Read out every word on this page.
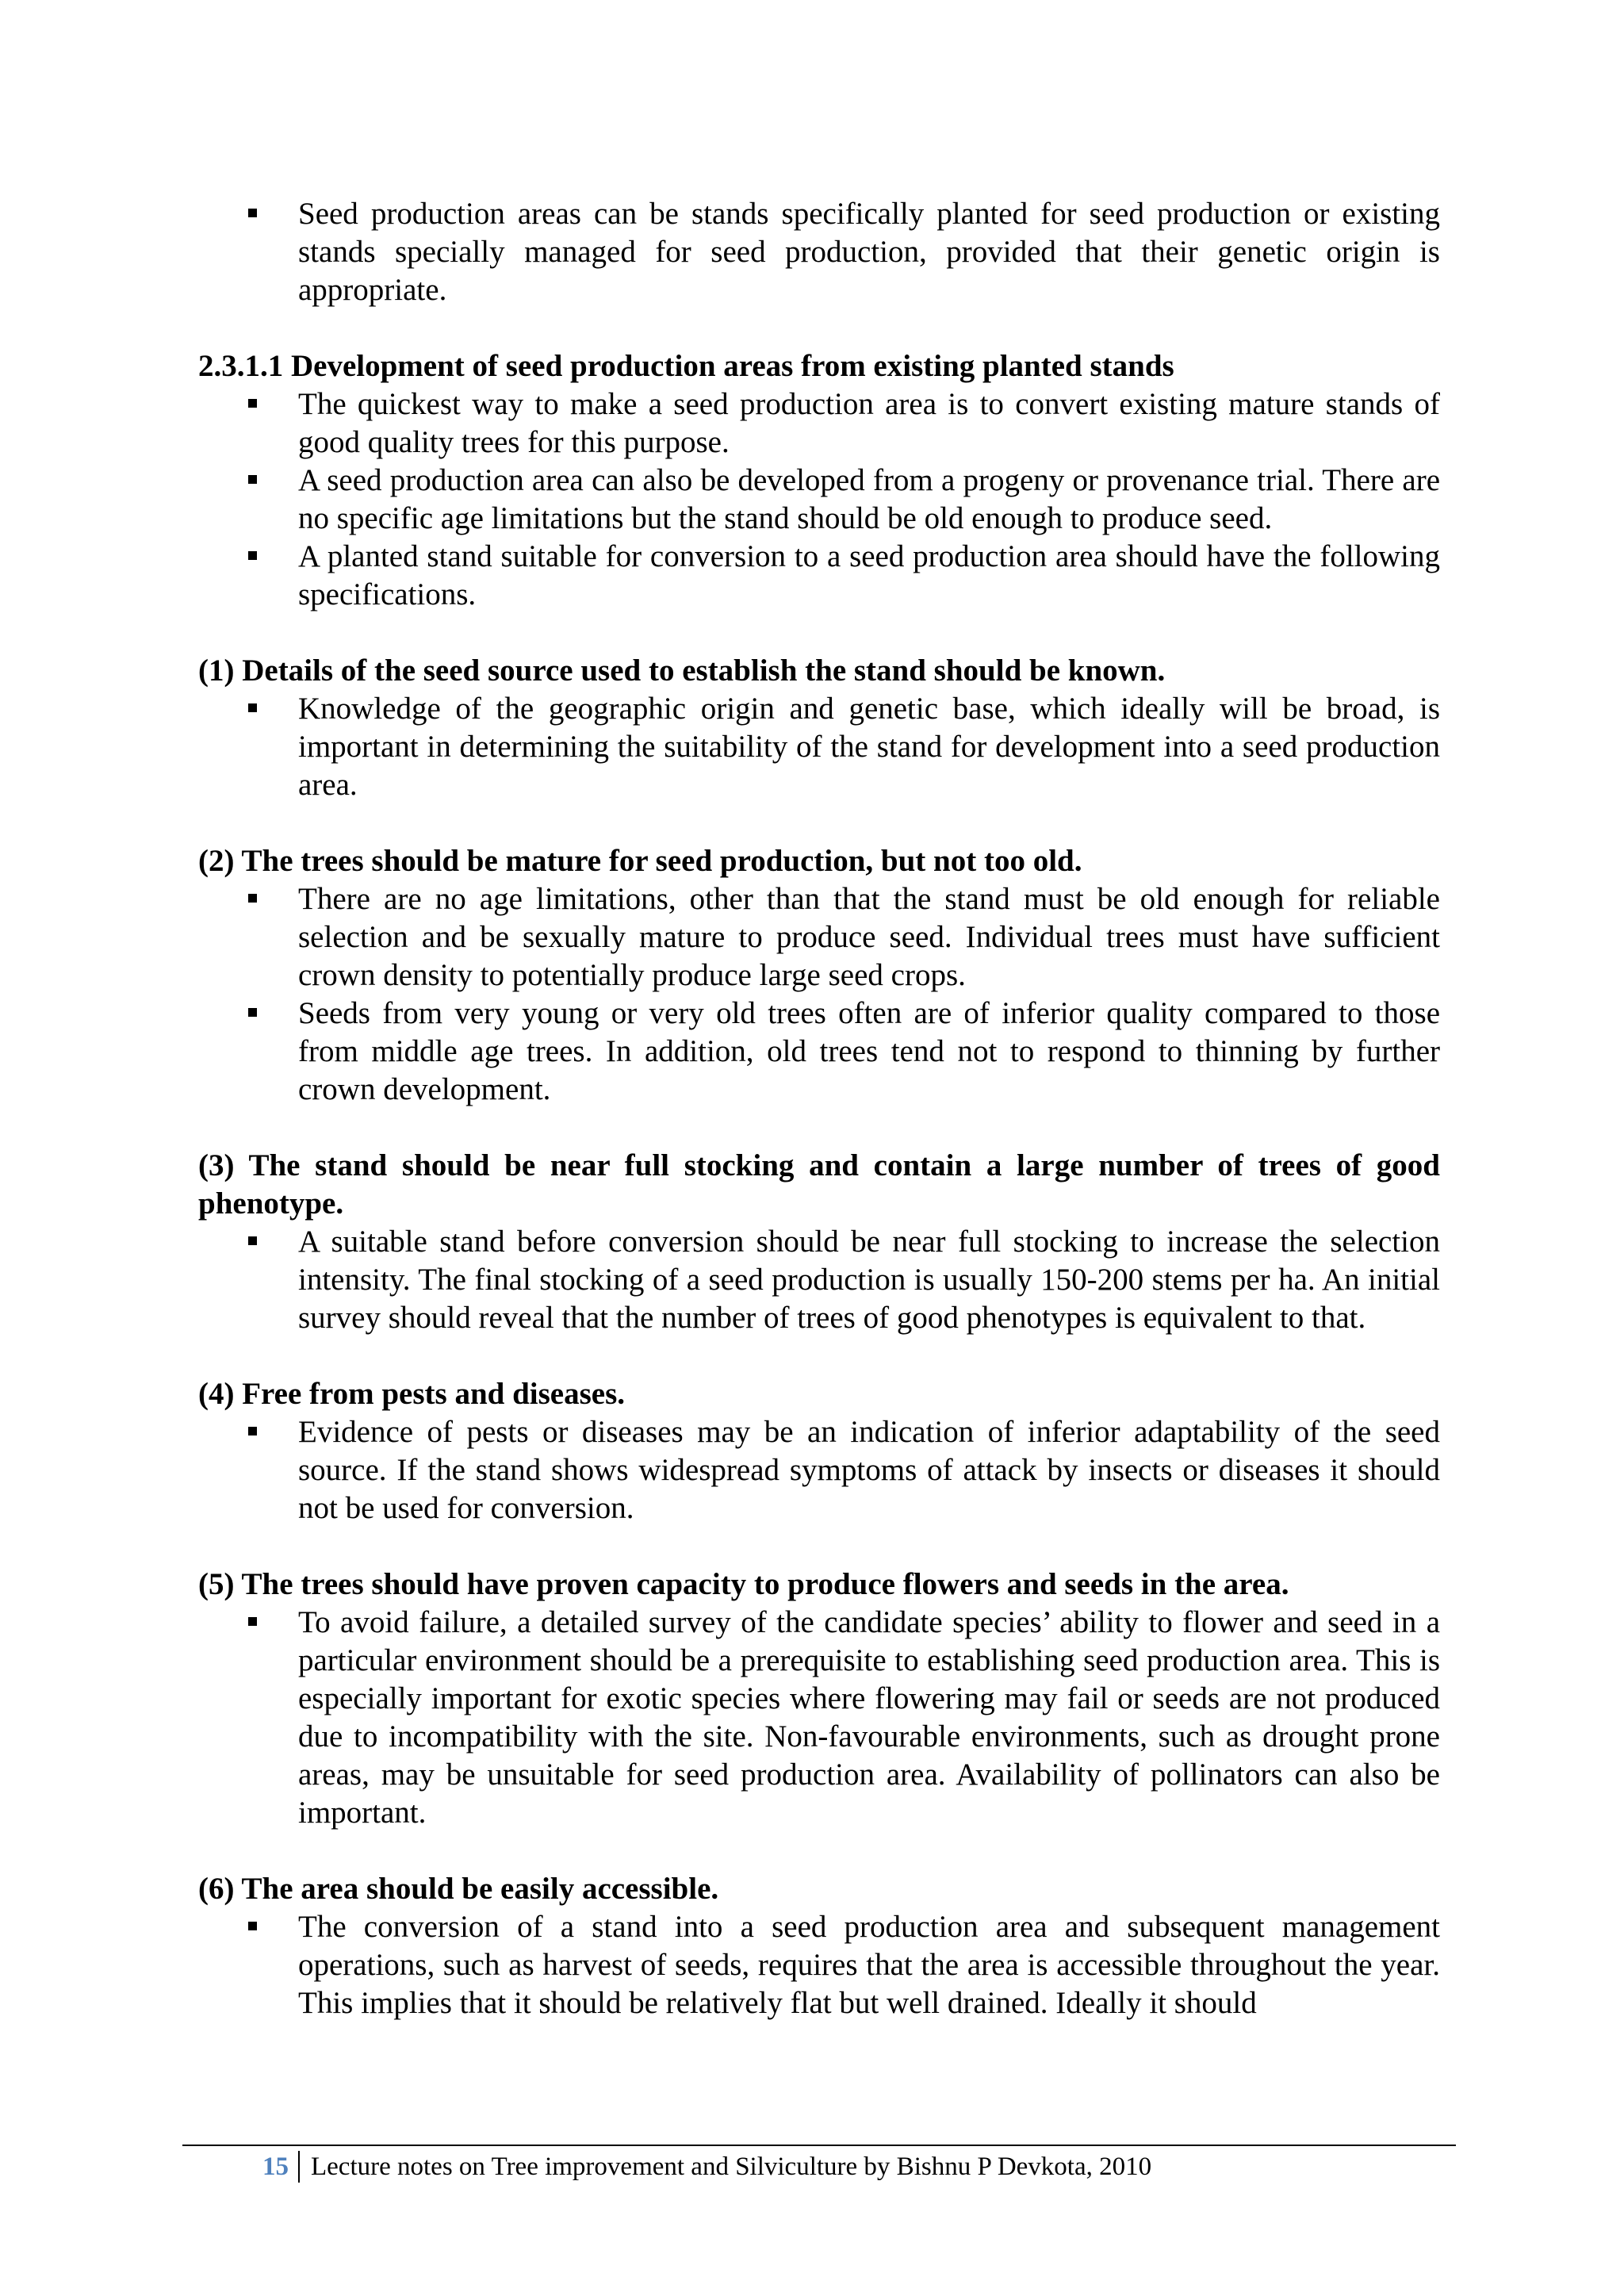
Seed production areas can be stands specifically planted for seed production or existing stands specially managed for seed production, provided that their genetic origin is appropriate.

2.3.1.1 Development of seed production areas from existing planted stands

The quickest way to make a seed production area is to convert existing mature stands of good quality trees for this purpose.
A seed production area can also be developed from a progeny or provenance trial. There are no specific age limitations but the stand should be old enough to produce seed.
A planted stand suitable for conversion to a seed production area should have the following specifications.

(1) Details of the seed source used to establish the stand should be known.

Knowledge of the geographic origin and genetic base, which ideally will be broad, is important in determining the suitability of the stand for development into a seed production area.

(2) The trees should be mature for seed production, but not too old.

There are no age limitations, other than that the stand must be old enough for reliable selection and be sexually mature to produce seed. Individual trees must have sufficient crown density to potentially produce large seed crops.
Seeds from very young or very old trees often are of inferior quality compared to those from middle age trees. In addition, old trees tend not to respond to thinning by further crown development.

(3) The stand should be near full stocking and contain a large number of trees of good phenotype.

A suitable stand before conversion should be near full stocking to increase the selection intensity. The final stocking of a seed production is usually 150-200 stems per ha. An initial survey should reveal that the number of trees of good phenotypes is equivalent to that.

(4) Free from pests and diseases.

Evidence of pests or diseases may be an indication of inferior adaptability of the seed source. If the stand shows widespread symptoms of attack by insects or diseases it should not be used for conversion.

(5) The trees should have proven capacity to produce flowers and seeds in the area.

To avoid failure, a detailed survey of the candidate species’ ability to flower and seed in a particular environment should be a prerequisite to establishing seed production area. This is especially important for exotic species where flowering may fail or seeds are not produced due to incompatibility with the site. Non-favourable environments, such as drought prone areas, may be unsuitable for seed production area. Availability of pollinators can also be important.

(6) The area should be easily accessible.

The conversion of a stand into a seed production area and subsequent management operations, such as harvest of seeds, requires that the area is accessible throughout the year. This implies that it should be relatively flat but well drained. Ideally it should
15 Lecture notes on Tree improvement and Silviculture by Bishnu P Devkota, 2010
